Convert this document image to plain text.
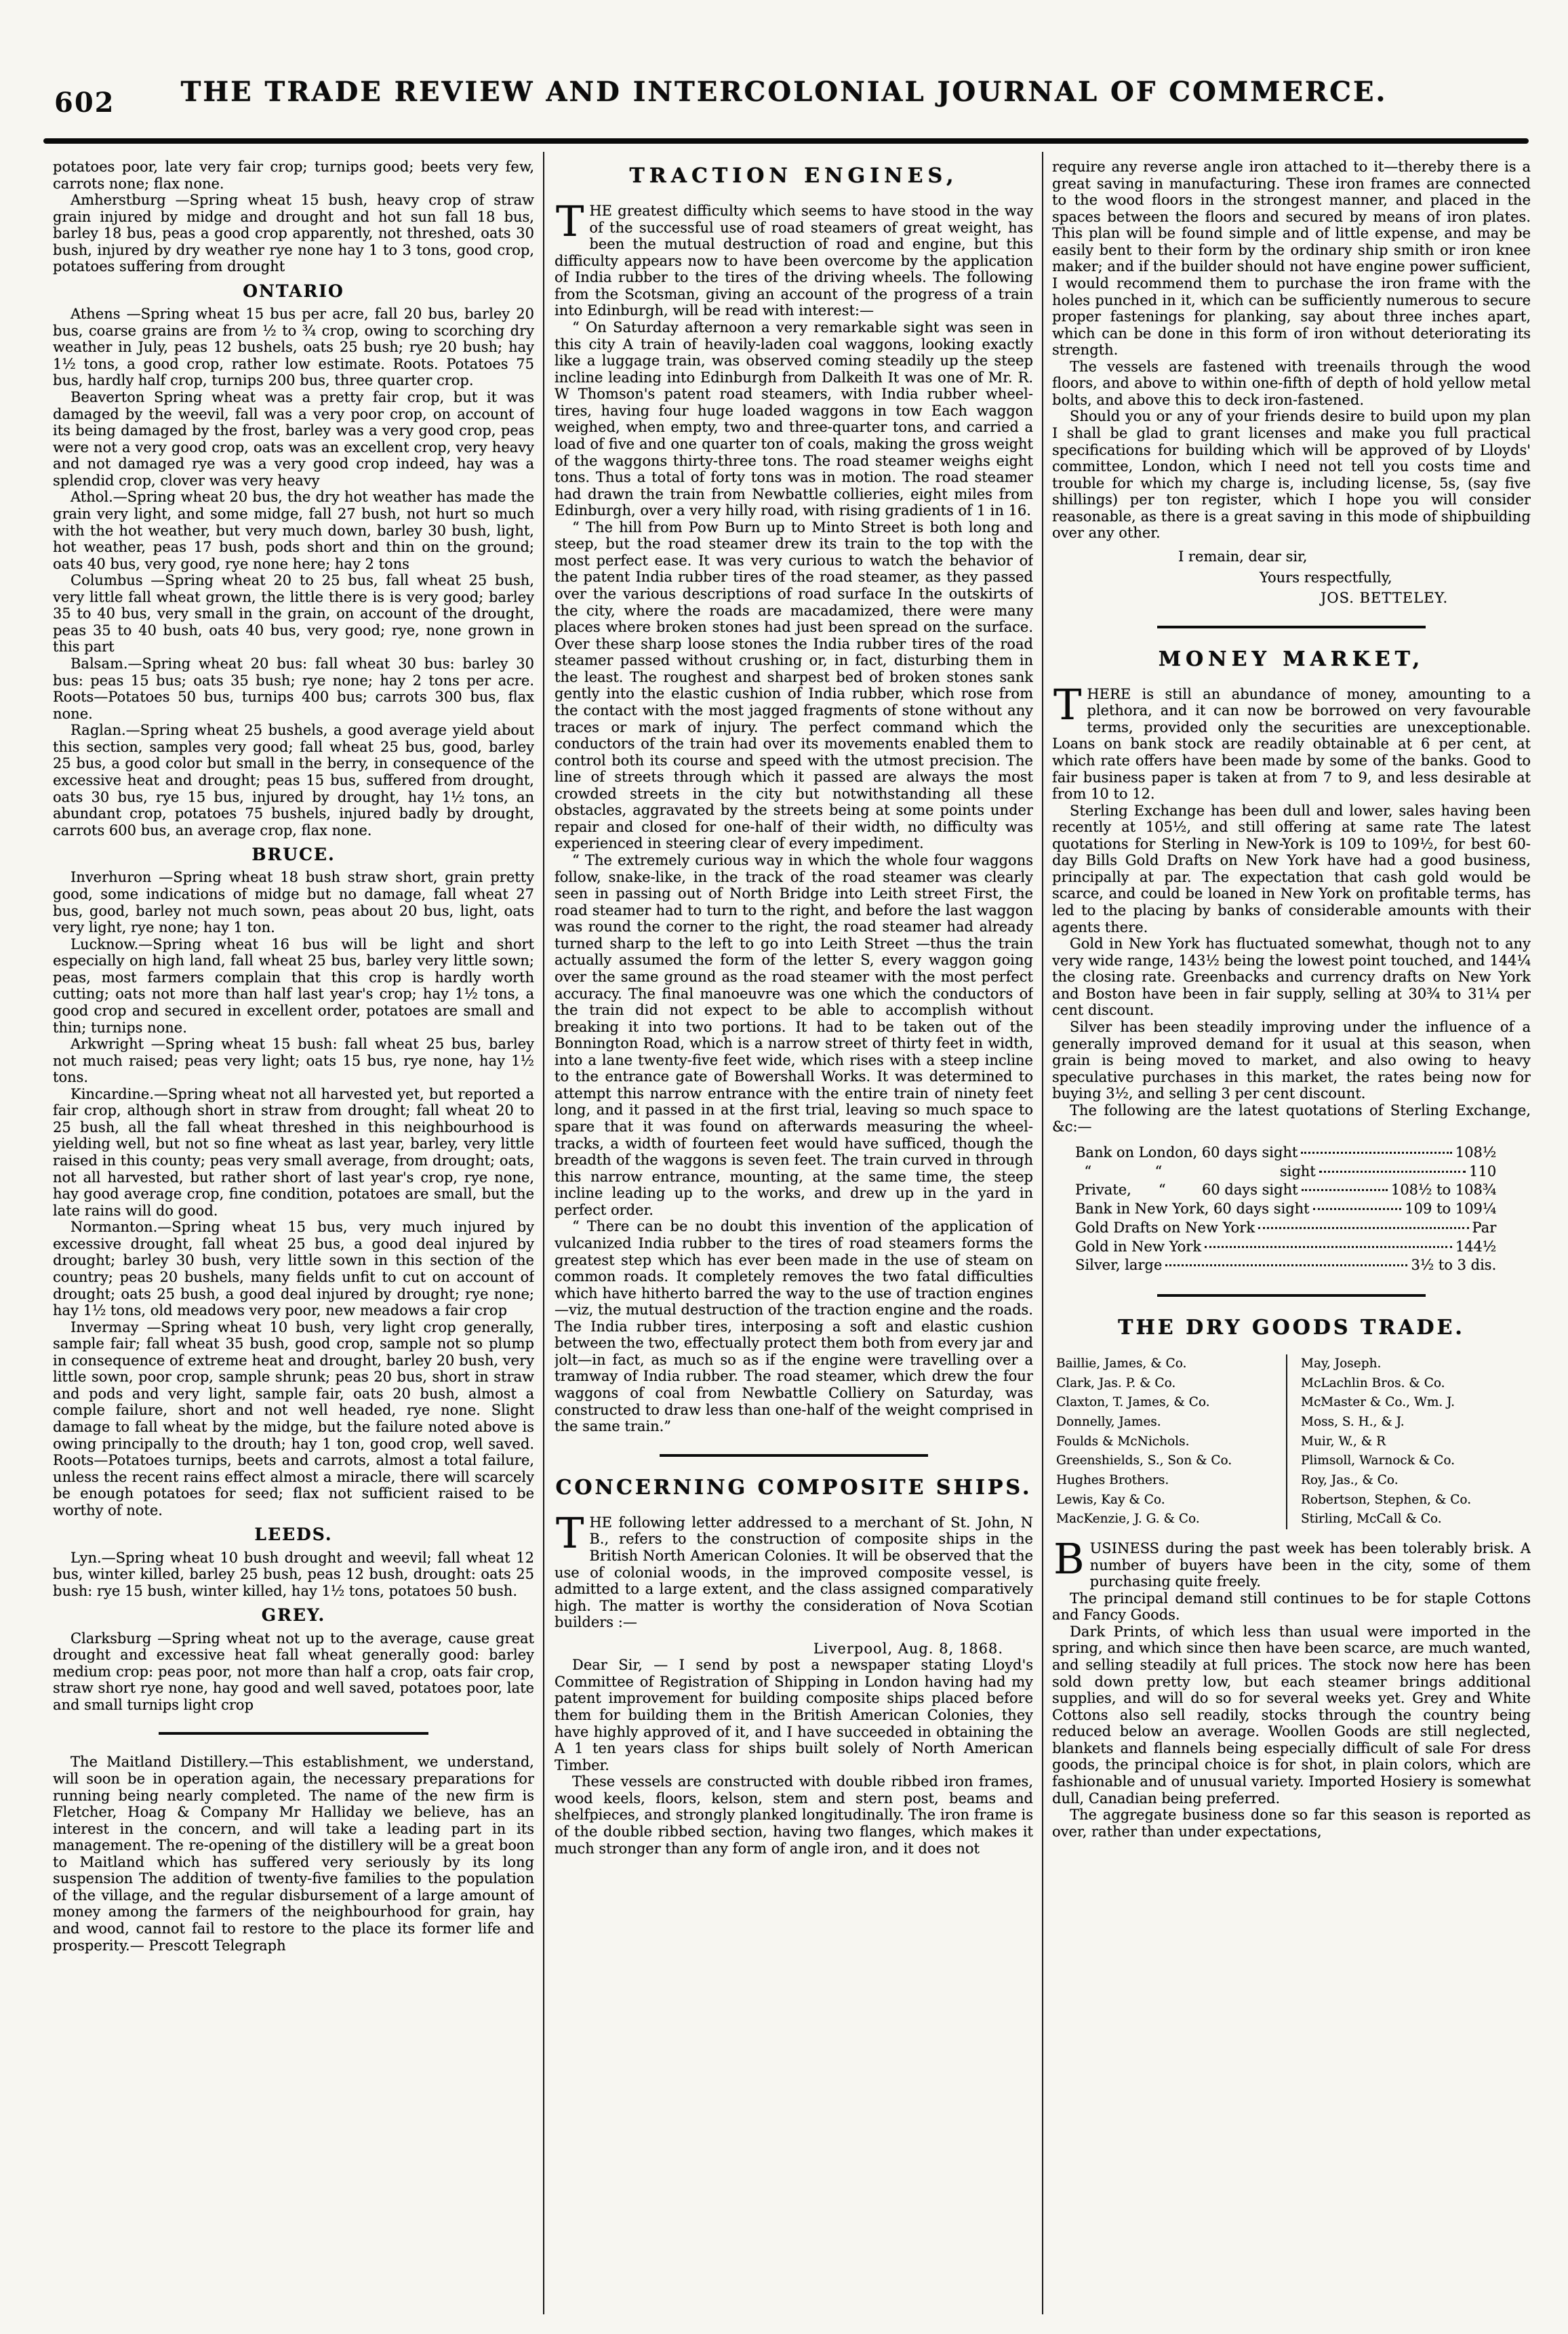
602	THE TRADE REVIEW AND INTERCOLONIAL JOURNAL OF COMMERCE.

potatoes poor, late very fair crop; turnips good; beets very few, carrots none; flax none.

Amherstburg —Spring wheat 15 bush, heavy crop of straw grain injured by midge and drought and hot sun fall 18 bus, barley 18 bus, peas a good crop apparently, not threshed, oats 30 bush, injured by dry weather rye none hay 1 to 3 tons, good crop, potatoes suffering from drought

ONTARIO

Athens —Spring wheat 15 bus per acre, fall 20 bus, barley 20 bus, coarse grains are from ½ to ¾ crop, owing to scorching dry weather in July, peas 12 bushels, oats 25 bush; rye 20 bush; hay 1½ tons, a good crop, rather low estimate. Roots. Potatoes 75 bus, hardly half crop, turnips 200 bus, three quarter crop.

Beaverton Spring wheat was a pretty fair crop, but it was damaged by the weevil, fall was a very poor crop, on account of its being damaged by the frost, barley was a very good crop, peas were not a very good crop, oats was an excellent crop, very heavy and not damaged rye was a very good crop indeed, hay was a splendid crop, clover was very heavy

Athol.—Spring wheat 20 bus, the dry hot weather has made the grain very light, and some midge, fall 27 bush, not hurt so much with the hot weather, but very much down, barley 30 bush, light, hot weather, peas 17 bush, pods short and thin on the ground; oats 40 bus, very good, rye none here; hay 2 tons

Columbus —Spring wheat 20 to 25 bus, fall wheat 25 bush, very little fall wheat grown, the little there is is very good; barley 35 to 40 bus, very small in the grain, on account of the drought, peas 35 to 40 bush, oats 40 bus, very good; rye, none grown in this part

Balsam.—Spring wheat 20 bus: fall wheat 30 bus: barley 30 bus: peas 15 bus; oats 35 bush; rye none; hay 2 tons per acre. Roots—Potatoes 50 bus, turnips 400 bus; carrots 300 bus, flax none.

Raglan.—Spring wheat 25 bushels, a good average yield about this section, samples very good; fall wheat 25 bus, good, barley 25 bus, a good color but small in the berry, in consequence of the excessive heat and drought; peas 15 bus, suffered from drought, oats 30 bus, rye 15 bus, injured by drought, hay 1½ tons, an abundant crop, potatoes 75 bushels, injured badly by drought, carrots 600 bus, an average crop, flax none.

BRUCE.

Inverhuron —Spring wheat 18 bush straw short, grain pretty good, some indications of midge but no damage, fall wheat 27 bus, good, barley not much sown, peas about 20 bus, light, oats very light, rye none; hay 1 ton.

Lucknow.—Spring wheat 16 bus will be light and short especially on high land, fall wheat 25 bus, barley very little sown; peas, most farmers complain that this crop is hardly worth cutting; oats not more than half last year's crop; hay 1½ tons, a good crop and secured in excellent order, potatoes are small and thin; turnips none.

Arkwright —Spring wheat 15 bush: fall wheat 25 bus, barley not much raised; peas very light; oats 15 bus, rye none, hay 1½ tons.

Kincardine.—Spring wheat not all harvested yet, but reported a fair crop, although short in straw from drought; fall wheat 20 to 25 bush, all the fall wheat threshed in this neighbourhood is yielding well, but not so fine wheat as last year, barley, very little raised in this county; peas very small average, from drought; oats, not all harvested, but rather short of last year's crop, rye none, hay good average crop, fine condition, potatoes are small, but the late rains will do good.

Normanton.—Spring wheat 15 bus, very much injured by excessive drought, fall wheat 25 bus, a good deal injured by drought; barley 30 bush, very little sown in this section of the country; peas 20 bushels, many fields unfit to cut on account of drought; oats 25 bush, a good deal injured by drought; rye none; hay 1½ tons, old meadows very poor, new meadows a fair crop

Invermay —Spring wheat 10 bush, very light crop generally, sample fair; fall wheat 35 bush, good crop, sample not so plump in consequence of extreme heat and drought, barley 20 bush, very little sown, poor crop, sample shrunk; peas 20 bus, short in straw and pods and very light, sample fair, oats 20 bush, almost a comple failure, short and not well headed, rye none. Slight damage to fall wheat by the midge, but the failure noted above is owing principally to the drouth; hay 1 ton, good crop, well saved. Roots—Potatoes turnips, beets and carrots, almost a total failure, unless the recent rains effect almost a miracle, there will scarcely be enough potatoes for seed; flax not sufficient raised to be worthy of note.

LEEDS.

Lyn.—Spring wheat 10 bush drought and weevil; fall wheat 12 bus, winter killed, barley 25 bush, peas 12 bush, drought: oats 25 bush: rye 15 bush, winter killed, hay 1½ tons, potatoes 50 bush.

GREY.

Clarksburg —Spring wheat not up to the average, cause great drought and excessive heat fall wheat generally good: barley medium crop: peas poor, not more than half a crop, oats fair crop, straw short rye none, hay good and well saved, potatoes poor, late and small turnips light crop

The Maitland Distillery.—This establishment, we understand, will soon be in operation again, the necessary preparations for running being nearly completed. The name of the new firm is Fletcher, Hoag & Company Mr Halliday we believe, has an interest in the concern, and will take a leading part in its management. The re-opening of the distillery will be a great boon to Maitland which has suffered very seriously by its long suspension The addition of twenty-five families to the population of the village, and the regular disbursement of a large amount of money among the farmers of the neighbourhood for grain, hay and wood, cannot fail to restore to the place its former life and prosperity.— Prescott Telegraph

TRACTION ENGINES,

THE greatest difficulty which seems to have stood in the way of the successful use of road steamers of great weight, has been the mutual destruction of road and engine, but this difficulty appears now to have been overcome by the application of India rubber to the tires of the driving wheels. The following from the Scotsman, giving an account of the progress of a train into Edinburgh, will be read with interest:—

“ On Saturday afternoon a very remarkable sight was seen in this city A train of heavily-laden coal waggons, looking exactly like a luggage train, was observed coming steadily up the steep incline leading into Edinburgh from Dalkeith It was one of Mr. R. W Thomson's patent road steamers, with India rubber wheel-tires, having four huge loaded waggons in tow Each waggon weighed, when empty, two and three-quarter tons, and carried a load of five and one quarter ton of coals, making the gross weight of the waggons thirty-three tons. The road steamer weighs eight tons. Thus a total of forty tons was in motion. The road steamer had drawn the train from Newbattle collieries, eight miles from Edinburgh, over a very hilly road, with rising gradients of 1 in 16.

“ The hill from Pow Burn up to Minto Street is both long and steep, but the road steamer drew its train to the top with the most perfect ease. It was very curious to watch the behavior of the patent India rubber tires of the road steamer, as they passed over the various descriptions of road surface In the outskirts of the city, where the roads are macadamized, there were many places where broken stones had just been spread on the surface. Over these sharp loose stones the India rubber tires of the road steamer passed without crushing or, in fact, disturbing them in the least. The roughest and sharpest bed of broken stones sank gently into the elastic cushion of India rubber, which rose from the contact with the most jagged fragments of stone without any traces or mark of injury. The perfect command which the conductors of the train had over its movements enabled them to control both its course and speed with the utmost precision. The line of streets through which it passed are always the most crowded streets in the city but notwithstanding all these obstacles, aggravated by the streets being at some points under repair and closed for one-half of their width, no difficulty was experienced in steering clear of every impediment.

“ The extremely curious way in which the whole four waggons follow, snake-like, in the track of the road steamer was clearly seen in passing out of North Bridge into Leith street First, the road steamer had to turn to the right, and before the last waggon was round the corner to the right, the road steamer had already turned sharp to the left to go into Leith Street —thus the train actually assumed the form of the letter S, every waggon going over the same ground as the road steamer with the most perfect accuracy. The final manoeuvre was one which the conductors of the train did not expect to be able to accomplish without breaking it into two portions. It had to be taken out of the Bonnington Road, which is a narrow street of thirty feet in width, into a lane twenty-five feet wide, which rises with a steep incline to the entrance gate of Bowershall Works. It was determined to attempt this narrow entrance with the entire train of ninety feet long, and it passed in at the first trial, leaving so much space to spare that it was found on afterwards measuring the wheel-tracks, a width of fourteen feet would have sufficed, though the breadth of the waggons is seven feet. The train curved in through this narrow entrance, mounting, at the same time, the steep incline leading up to the works, and drew up in the yard in perfect order.

“ There can be no doubt this invention of the application of vulcanized India rubber to the tires of road steamers forms the greatest step which has ever been made in the use of steam on common roads. It completely removes the two fatal difficulties which have hitherto barred the way to the use of traction engines —viz, the mutual destruction of the traction engine and the roads. The India rubber tires, interposing a soft and elastic cushion between the two, effectually protect them both from every jar and jolt—in fact, as much so as if the engine were travelling over a tramway of India rubber. The road steamer, which drew the four waggons of coal from Newbattle Colliery on Saturday, was constructed to draw less than one-half of the weight comprised in the same train.”

CONCERNING COMPOSITE SHIPS.

THE following letter addressed to a merchant of St. John, N B., refers to the construction of composite ships in the British North American Colonies. It will be observed that the use of colonial woods, in the improved composite vessel, is admitted to a large extent, and the class assigned comparatively high. The matter is worthy the consideration of Nova Scotian builders :—

Liverpool, Aug. 8, 1868.

Dear Sir, — I send by post a newspaper stating Lloyd's Committee of Registration of Shipping in London having had my patent improvement for building composite ships placed before them for building them in the British American Colonies, they have highly approved of it, and I have succeeded in obtaining the A 1 ten years class for ships built solely of North American Timber.

These vessels are constructed with double ribbed iron frames, wood keels, floors, kelson, stem and stern post, beams and shelfpieces, and strongly planked longitudinally. The iron frame is of the double ribbed section, having two flanges, which makes it much stronger than any form of angle iron, and it does not

require any reverse angle iron attached to it—thereby there is a great saving in manufacturing. These iron frames are connected to the wood floors in the strongest manner, and placed in the spaces between the floors and secured by means of iron plates. This plan will be found simple and of little expense, and may be easily bent to their form by the ordinary ship smith or iron knee maker; and if the builder should not have engine power sufficient, I would recommend them to purchase the iron frame with the holes punched in it, which can be sufficiently numerous to secure proper fastenings for planking, say about three inches apart, which can be done in this form of iron without deteriorating its strength.

The vessels are fastened with treenails through the wood floors, and above to within one-fifth of depth of hold yellow metal bolts, and above this to deck iron-fastened.

Should you or any of your friends desire to build upon my plan I shall be glad to grant licenses and make you full practical specifications for building which will be approved of by Lloyds' committee, London, which I need not tell you costs time and trouble for which my charge is, including license, 5s, (say five shillings) per ton register, which I hope you will consider reasonable, as there is a great saving in this mode of shipbuilding over any other.

I remain, dear sir,

Yours respectfully,

JOS. BETTELEY.

MONEY MARKET,

THERE is still an abundance of money, amounting to a plethora, and it can now be borrowed on very favourable terms, provided only the securities are unexceptionable. Loans on bank stock are readily obtainable at 6 per cent, at which rate offers have been made by some of the banks. Good to fair business paper is taken at from 7 to 9, and less desirable at from 10 to 12.

Sterling Exchange has been dull and lower, sales having been recently at 105½, and still offering at same rate The latest quotations for Sterling in New-York is 109 to 109½, for best 60-day Bills Gold Drafts on New York have had a good business, principally at par. The expectation that cash gold would be scarce, and could be loaned in New York on profitable terms, has led to the placing by banks of considerable amounts with their agents there.

Gold in New York has fluctuated somewhat, though not to any very wide range, 143½ being the lowest point touched, and 144¼ the closing rate. Greenbacks and currency drafts on New York and Boston have been in fair supply, selling at 30¾ to 31¼ per cent discount.

Silver has been steadily improving under the influence of a generally improved demand for it usual at this season, when grain is being moved to market, and also owing to heavy speculative purchases in this market, the rates being now for buying 3½, and selling 3 per cent discount.

The following are the latest quotations of Sterling Exchange, &c:—

Bank on London, 60 days sight	108½
“              “                          sight	110
Private,      “        60 days sight	108½ to 108¾
Bank in New York, 60 days sight	109 to 109¼
Gold Drafts on New York	Par
Gold in New York	144½
Silver, large	3½ to 3 dis.
THE DRY GOODS TRADE.
Baillie, James, & Co.
Clark, Jas. P. & Co.
Claxton, T. James, & Co.
Donnelly, James.
Foulds & McNichols.
Greenshields, S., Son & Co.
Hughes Brothers.
Lewis, Kay & Co.
MacKenzie, J. G. & Co.
May, Joseph.
McLachlin Bros. & Co.
McMaster & Co., Wm. J.
Moss, S. H., & J.
Muir, W., & R
Plimsoll, Warnock & Co.
Roy, Jas., & Co.
Robertson, Stephen, & Co.
Stirling, McCall & Co.

BUSINESS during the past week has been tolerably brisk. A number of buyers have been in the city, some of them purchasing quite freely.

The principal demand still continues to be for staple Cottons and Fancy Goods.

Dark Prints, of which less than usual were imported in the spring, and which since then have been scarce, are much wanted, and selling steadily at full prices. The stock now here has been sold down pretty low, but each steamer brings additional supplies, and will do so for several weeks yet. Grey and White Cottons also sell readily, stocks through the country being reduced below an average. Woollen Goods are still neglected, blankets and flannels being especially difficult of sale For dress goods, the principal choice is for shot, in plain colors, which are fashionable and of unusual variety. Imported Hosiery is somewhat dull, Canadian being preferred.

The aggregate business done so far this season is reported as over, rather than under expectations,
